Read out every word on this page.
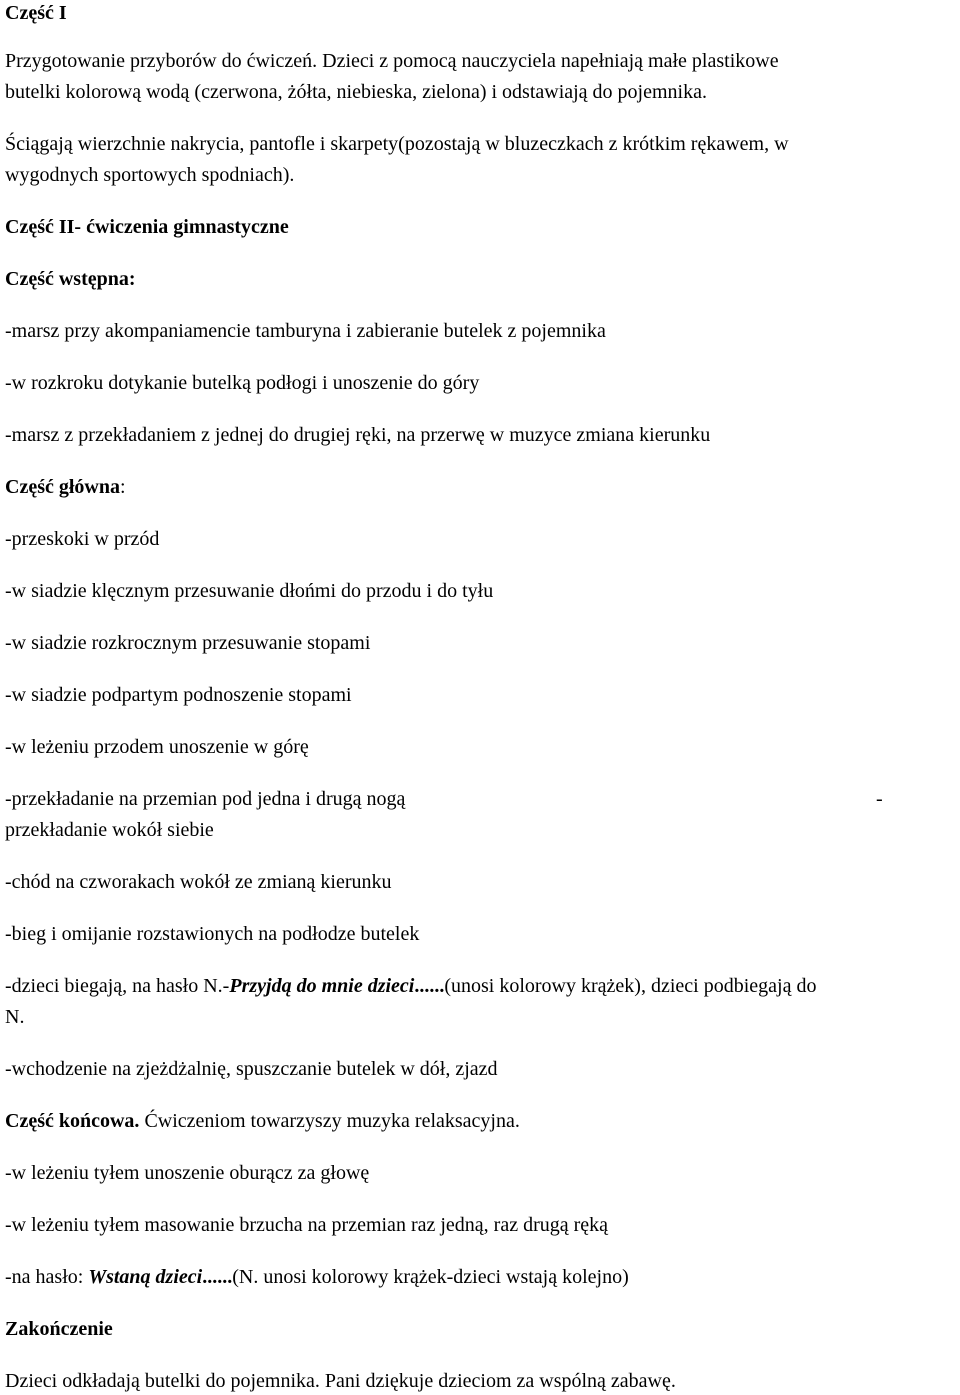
Część I
Przygotowanie przyborów do ćwiczeń. Dzieci z pomocą nauczyciela napełniają małe plastikowe
butelki kolorową wodą (czerwona, żółta, niebieska, zielona) i odstawiają do pojemnika.
Ściągają wierzchnie nakrycia, pantofle i skarpety(pozostają w bluzeczkach z krótkim rękawem, w
wygodnych sportowych spodniach).
Część II- ćwiczenia gimnastyczne
Część wstępna:
-marsz przy akompaniamencie tamburyna i zabieranie butelek z pojemnika
-w rozkroku dotykanie butelką podłogi i unoszenie do góry
-marsz z przekładaniem z jednej do drugiej ręki, na przerwę w muzyce zmiana kierunku
Część główna:
-przeskoki w przód
-w siadzie klęcznym przesuwanie dłońmi do przodu i do tyłu
-w siadzie rozkrocznym przesuwanie stopami
-w siadzie podpartym podnoszenie stopami
-w leżeniu przodem unoszenie w górę
-przekładanie na przemian pod jedna i drugą nogą	-
przekładanie wokół siebie
-chód na czworakach wokół ze zmianą kierunku
-bieg i omijanie rozstawionych na podłodze butelek
-dzieci biegają, na hasło N.-Przyjdą do mnie dzieci......(unosi kolorowy krążek), dzieci podbiegają do
N.
-wchodzenie na zjeżdżalnię, spuszczanie butelek w dół, zjazd
Część końcowa. Ćwiczeniom towarzyszy muzyka relaksacyjna.
-w leżeniu tyłem unoszenie oburącz za głowę
-w leżeniu tyłem masowanie brzucha na przemian raz jedną, raz drugą ręką
-na hasło: Wstaną dzieci......(N. unosi kolorowy krążek-dzieci wstają kolejno)
Zakończenie
Dzieci odkładają butelki do pojemnika. Pani dziękuje dzieciom za wspólną zabawę.
